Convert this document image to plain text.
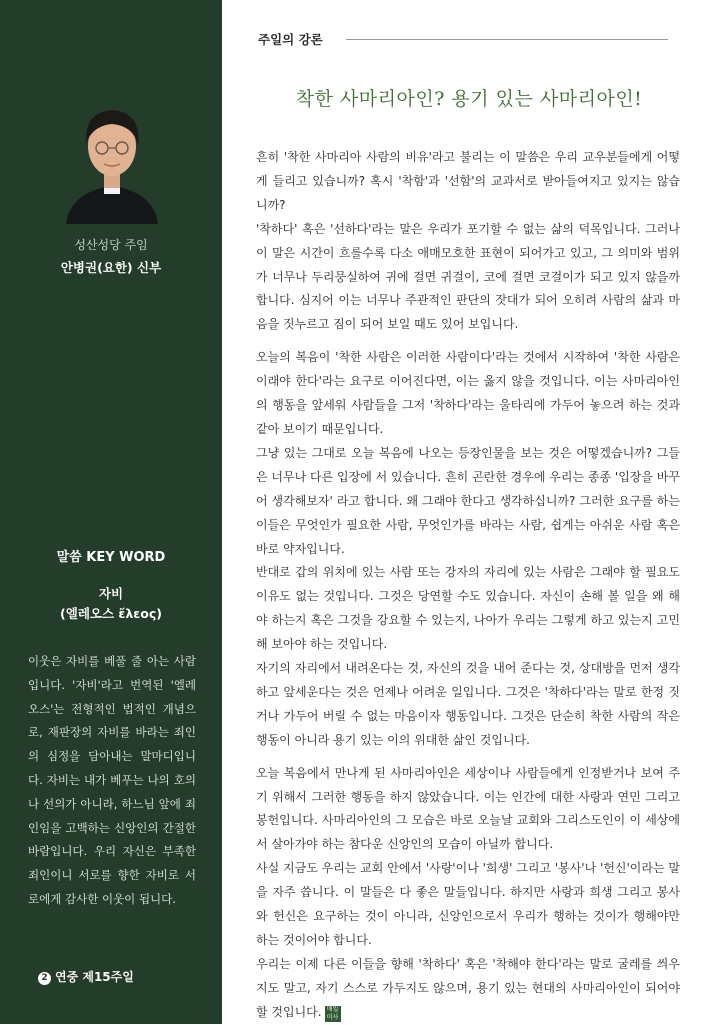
성산성당 주임
안병권(요한) 신부
말씀 KEY WORD
자비
(엘레오스 ἔλεος)
이웃은 자비를 베풀 줄 아는 사람입니다. '자비'라고 번역된 '엘레오스'는 전형적인 법적인 개념으로, 재판장의 자비를 바라는 죄인의 심정을 담아내는 말마디입니다. 자비는 내가 베푸는 나의 호의나 선의가 아니라, 하느님 앞에 죄인임을 고백하는 신앙인의 간절한 바람입니다. 우리 자신은 부족한 죄인이니 서로를 향한 자비로 서로에게 감사한 이웃이 됩니다.
2 연중 제15주일
주일의 강론
착한 사마리아인? 용기 있는 사마리아인!

흔히 '착한 사마리아 사람의 비유'라고 불리는 이 말씀은 우리 교우분들에게 어떻게 들리고 있습니까? 혹시 '착함'과 '선함'의 교과서로 받아들여지고 있지는 않습니까?

'착하다' 혹은 '선하다'라는 말은 우리가 포기할 수 없는 삶의 덕목입니다. 그러나 이 말은 시간이 흐를수록 다소 애매모호한 표현이 되어가고 있고, 그 의미와 범위가 너무나 두리뭉실하여 귀에 걸면 귀걸이, 코에 걸면 코걸이가 되고 있지 않을까 합니다. 심지어 이는 너무나 주관적인 판단의 잣대가 되어 오히려 사람의 삶과 마음을 짓누르고 짐이 되어 보일 때도 있어 보입니다.

오늘의 복음이 '착한 사람은 이러한 사람이다'라는 것에서 시작하여 '착한 사람은 이래야 한다'라는 요구로 이어진다면, 이는 옳지 않을 것입니다. 이는 사마리아인의 행동을 앞세워 사람들을 그저 '착하다'라는 울타리에 가두어 놓으려 하는 것과 같아 보이기 때문입니다.

그냥 있는 그대로 오늘 복음에 나오는 등장인물을 보는 것은 어떻겠습니까? 그들은 너무나 다른 입장에 서 있습니다. 흔히 곤란한 경우에 우리는 종종 '입장을 바꾸어 생각해보자' 라고 합니다. 왜 그래야 한다고 생각하십니까? 그러한 요구를 하는 이들은 무엇인가 필요한 사람, 무엇인가를 바라는 사람, 쉽게는 아쉬운 사람 혹은 바로 약자입니다.

반대로 갑의 위치에 있는 사람 또는 강자의 자리에 있는 사람은 그래야 할 필요도 이유도 없는 것입니다. 그것은 당연할 수도 있습니다. 자신이 손해 볼 일을 왜 해야 하는지 혹은 그것을 강요할 수 있는지, 나아가 우리는 그렇게 하고 있는지 고민해 보아야 하는 것입니다.

자기의 자리에서 내려온다는 것, 자신의 것을 내어 준다는 것, 상대방을 먼저 생각하고 앞세운다는 것은 언제나 어려운 일입니다. 그것은 '착하다'라는 말로 한정 짓거나 가두어 버릴 수 없는 마음이자 행동입니다. 그것은 단순히 착한 사람의 작은 행동이 아니라 용기 있는 이의 위대한 삶인 것입니다.

오늘 복음에서 만나게 된 사마리아인은 세상이나 사람들에게 인정받거나 보여 주기 위해서 그러한 행동을 하지 않았습니다. 이는 인간에 대한 사랑과 연민 그리고 봉헌입니다. 사마리아인의 그 모습은 바로 오늘날 교회와 그리스도인이 이 세상에서 살아가야 하는 참다운 신앙인의 모습이 아닐까 합니다.

사실 지금도 우리는 교회 안에서 '사랑'이나 '희생' 그리고 '봉사'나 '헌신'이라는 말을 자주 씁니다. 이 말들은 다 좋은 말들입니다. 하지만 사랑과 희생 그리고 봉사와 헌신은 요구하는 것이 아니라, 신앙인으로서 우리가 행하는 것이가 행해야만 하는 것이어야 합니다.

우리는 이제 다른 이들을 향해 '착하다' 혹은 '착해야 한다'라는 말로 굴레를 씌우지도 말고, 자기 스스로 가두지도 않으며, 용기 있는 현대의 사마리아인이 되어야 할 것입니다. 매일 미사
